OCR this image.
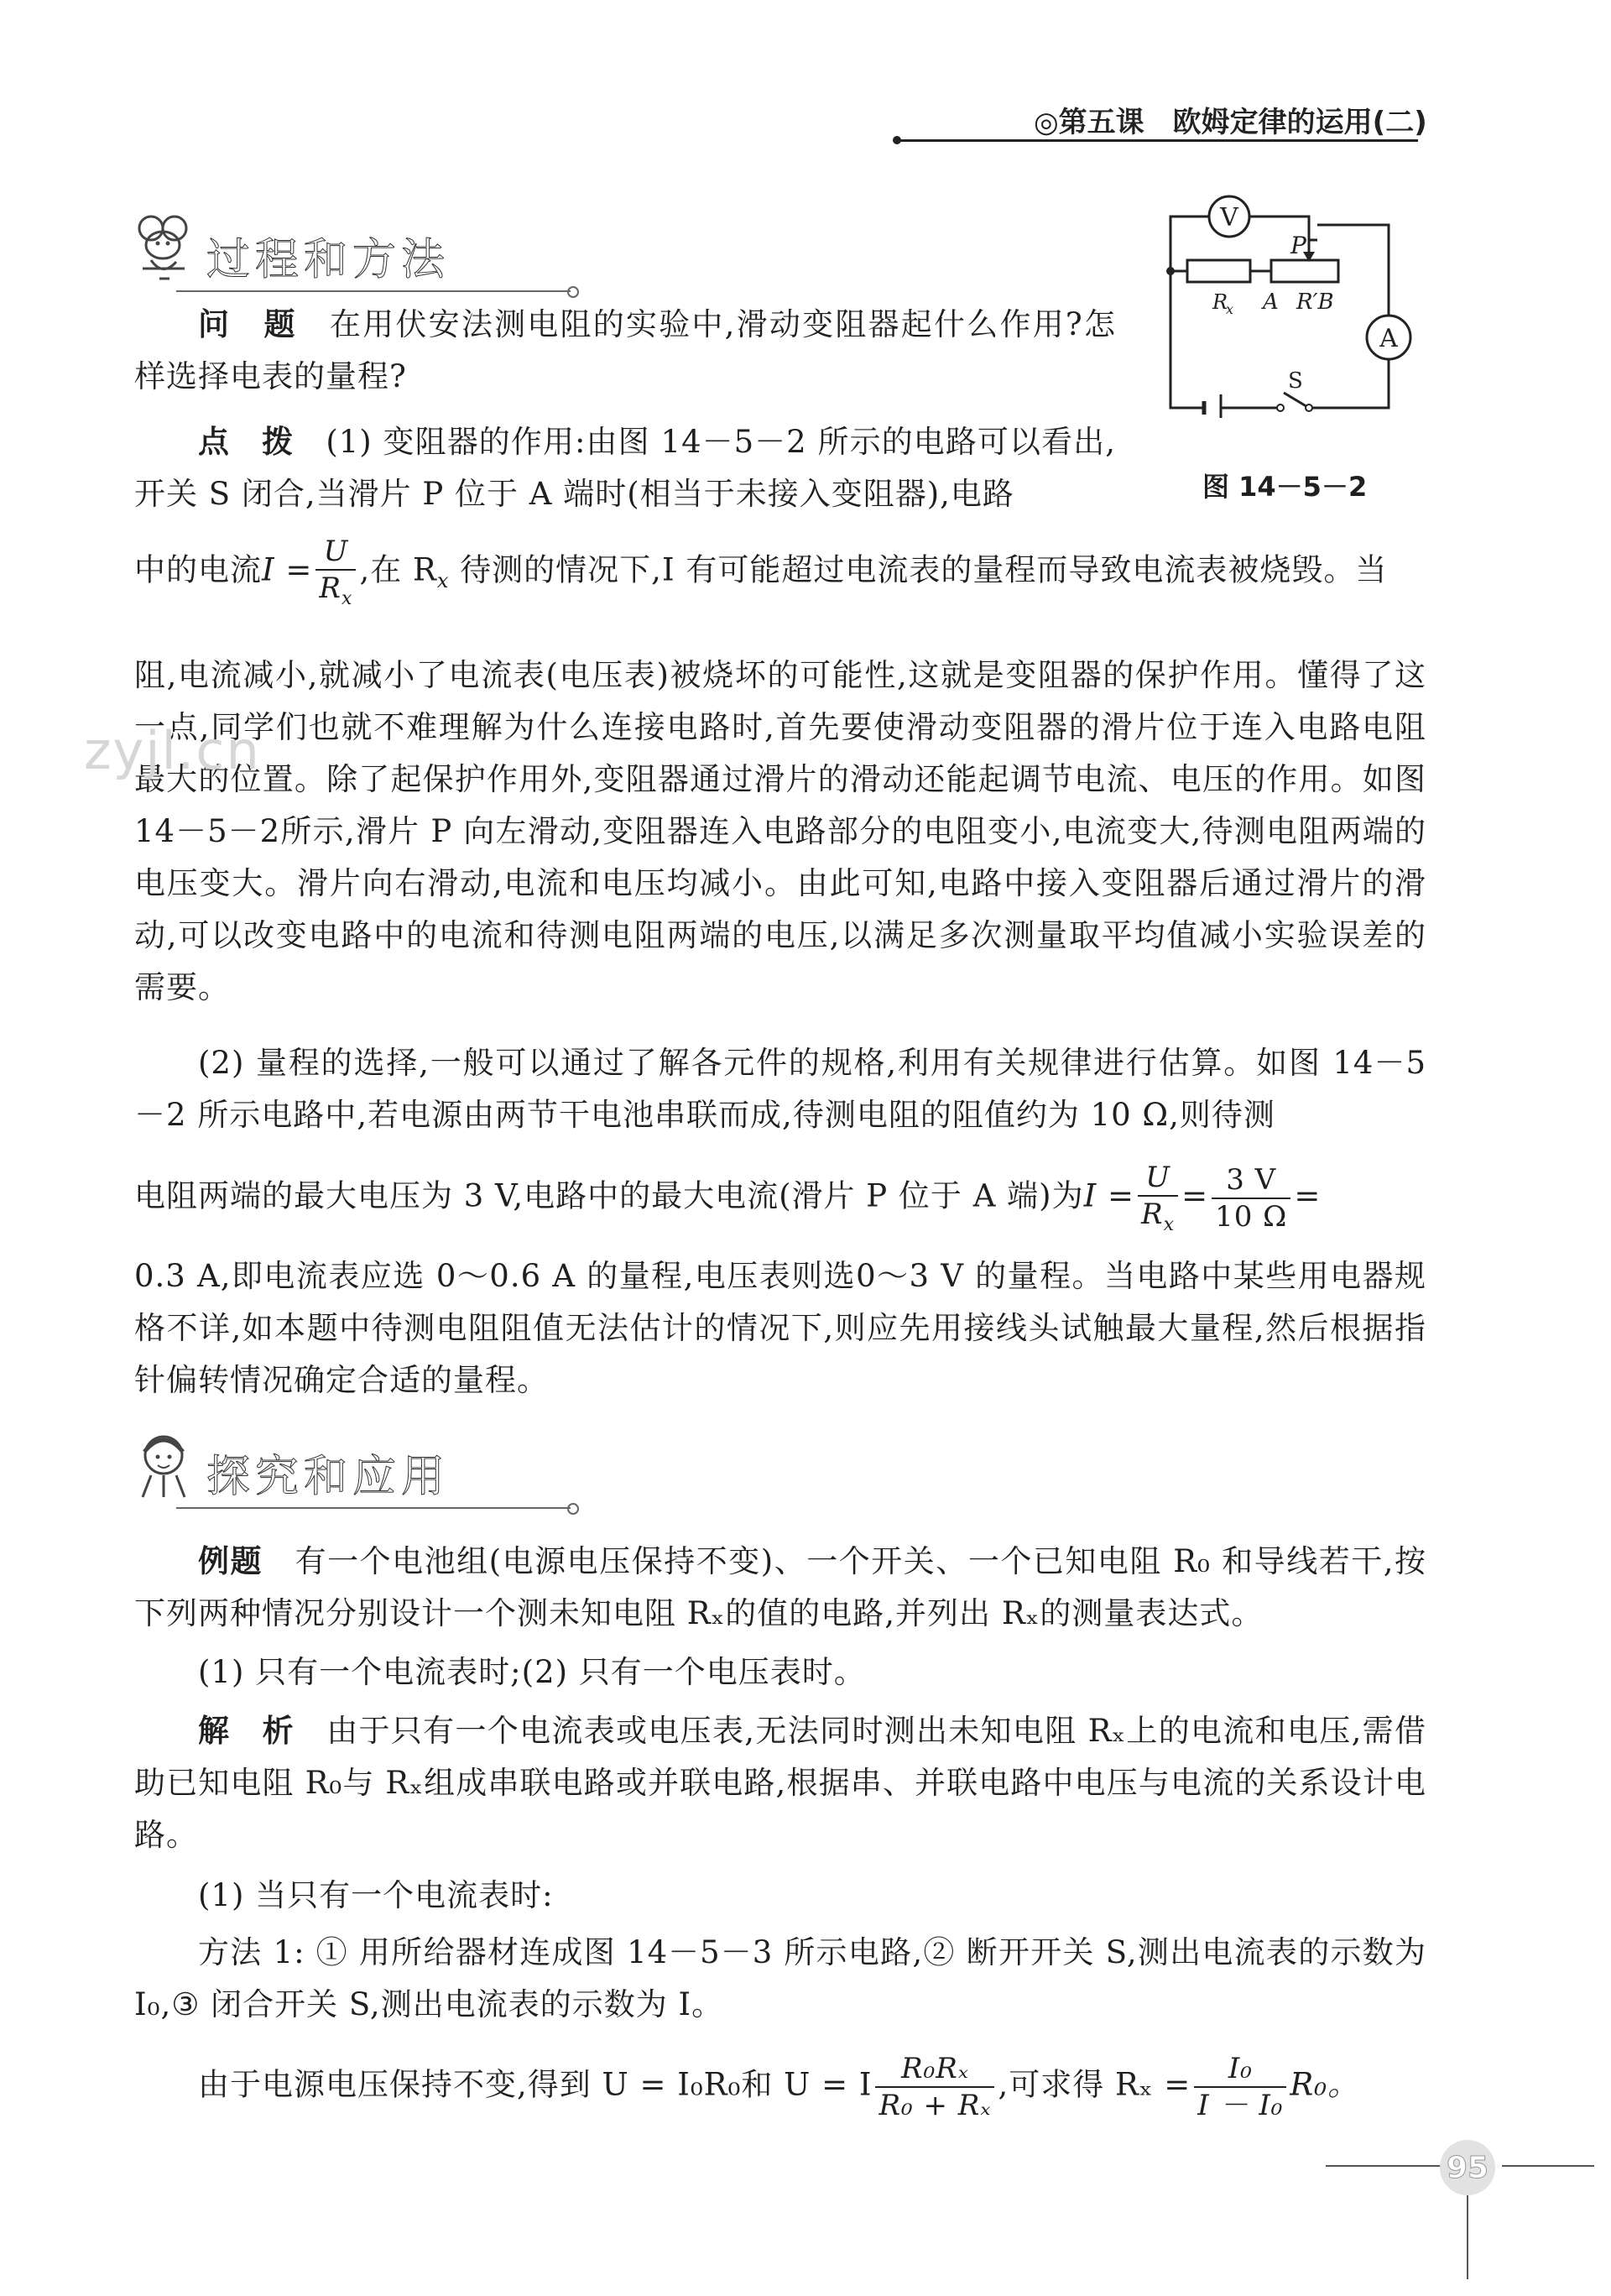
◎第五课　欧姆定律的运用(二)
过程和方法
V
A
P
R
x A R′B
S
图 14－5－2
问　题　 在用伏安法测电阻的实验中,滑动变阻器起什么作用?怎样选择电表的量程?
点　拨　 (1) 变阻器的作用:由图 14－5－2 所示的电路可以看出,开关 S 闭合,当滑片 P 位于 A 端时(相当于未接入变阻器),电路
中的电流$I = \frac{U}{R_x}$ ,在 $R_x$ 待测的情况下,I 有可能超过电流表的量程而导致电流表被烧毁。当
阻,电流减小,就减小了电流表(电压表)被烧坏的可能性,这就是变阻器的保护作用。懂得了这一点,同学们也就不难理解为什么连接电路时,首先要使滑动变阻器的滑片位于连入电路电阻最大的位置。除了起保护作用外,变阻器通过滑片的滑动还能起调节电流、电压的作用。如图14－5－2所示,滑片 P 向左滑动,变阻器连入电路部分的电阻变小,电流变大,待测电阻两端的电压变大。滑片向右滑动,电流和电压均减小。由此可知,电路中接入变阻器后通过滑片的滑动,可以改变电路中的电流和待测电阻两端的电压,以满足多次测量取平均值减小实验误差的需要。
zyjl.cn
(2) 量程的选择,一般可以通过了解各元件的规格,利用有关规律进行估算。如图 14－5－2 所示电路中,若电源由两节干电池串联而成,待测电阻的阻值约为 10 Ω,则待测
电阻两端的最大电压为 3 V,电路中的最大电流(滑片 P 位于 A 端)为$I = \frac{U}{R_x} = \frac{3 V}{10 \Omega}$ =
0.3 A,即电流表应选 0～0.6 A 的量程,电压表则选0～3 V 的量程。当电路中某些用电器规格不详,如本题中待测电阻阻值无法估计的情况下,则应先用接线头试触最大量程,然后根据指针偏转情况确定合适的量程。
探究和应用
例题　 有一个电池组(电源电压保持不变)、一个开关、一个已知电阻 R₀ 和导线若干,按下列两种情况分别设计一个测未知电阻 Rₓ的值的电路,并列出 Rₓ的测量表达式。
(1) 只有一个电流表时;(2) 只有一个电压表时。
解　析　 由于只有一个电流表或电压表,无法同时测出未知电阻 Rₓ上的电流和电压,需借助已知电阻 R₀与 Rₓ组成串联电路或并联电路,根据串、并联电路中电压与电流的关系设计电路。
(1) 当只有一个电流表时:
方法 1: ① 用所给器材连成图 14－5－3 所示电路,② 断开开关 S,测出电流表的示数为 I₀,③ 闭合开关 S,测出电流表的示数为 I。
由于电源电压保持不变,得到 U = I₀R₀和 U = I $\frac{\text{R₀Rₓ}}{\text{R₀ + Rₓ}}$ ,可求得 $R_x = \frac{\text{I₀}}{\text{I － I₀}} R_0$。
95
